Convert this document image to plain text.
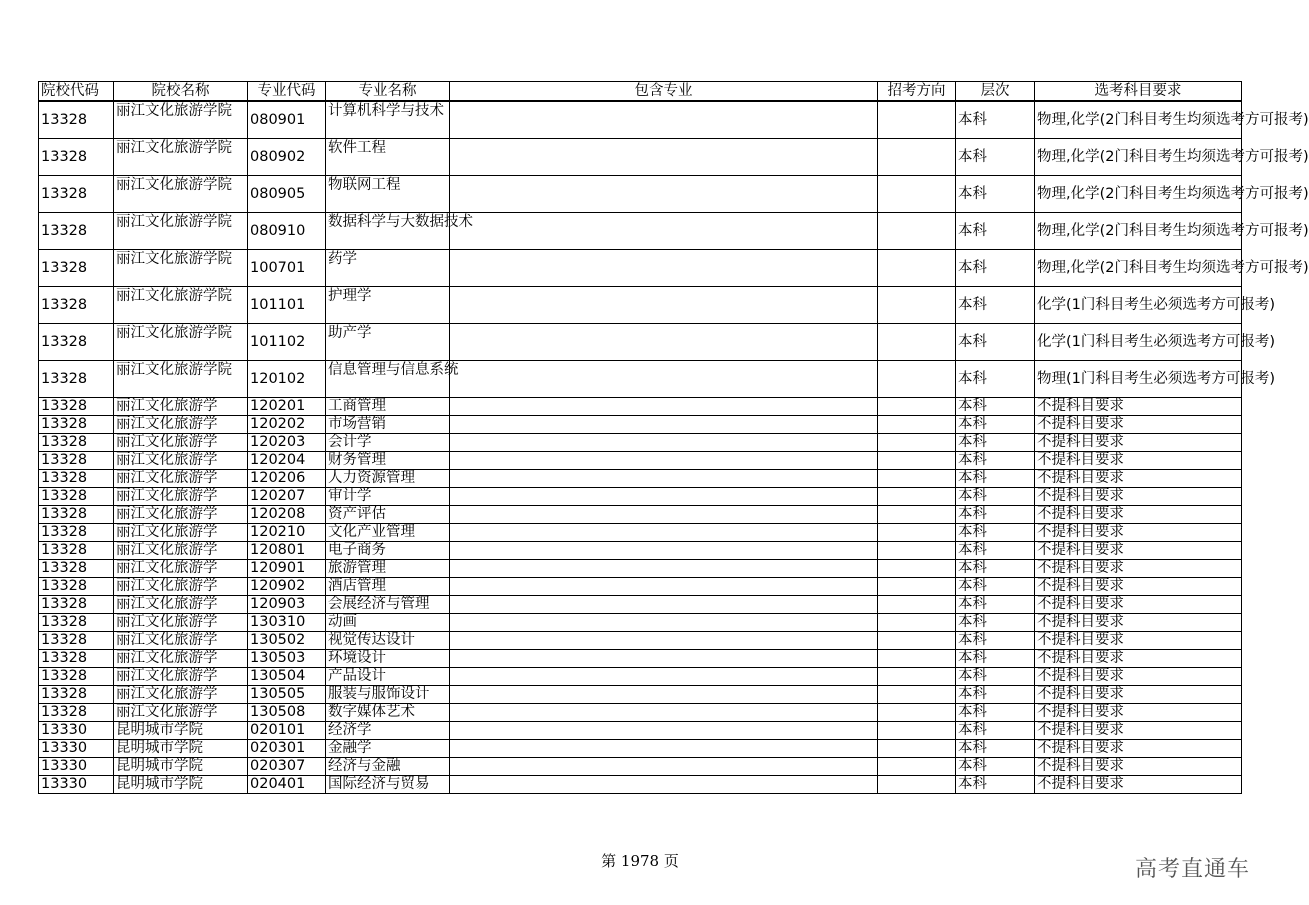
院校代码	院校名称	专业代码	专业名称	包含专业	招考方向	层次	选考科目要求
13328	丽江文化旅游学院	080901	计算机科学与技术			本科	物理,化学(2门科目考生均须选考方可报考)
13328	丽江文化旅游学院	080902	软件工程			本科	物理,化学(2门科目考生均须选考方可报考)
13328	丽江文化旅游学院	080905	物联网工程			本科	物理,化学(2门科目考生均须选考方可报考)
13328	丽江文化旅游学院	080910	数据科学与大数据技术			本科	物理,化学(2门科目考生均须选考方可报考)
13328	丽江文化旅游学院	100701	药学			本科	物理,化学(2门科目考生均须选考方可报考)
13328	丽江文化旅游学院	101101	护理学			本科	化学(1门科目考生必须选考方可报考)
13328	丽江文化旅游学院	101102	助产学			本科	化学(1门科目考生必须选考方可报考)
13328	丽江文化旅游学院	120102	信息管理与信息系统			本科	物理(1门科目考生必须选考方可报考)
13328	丽江文化旅游学	120201	工商管理			本科	不提科目要求
13328	丽江文化旅游学	120202	市场营销			本科	不提科目要求
13328	丽江文化旅游学	120203	会计学			本科	不提科目要求
13328	丽江文化旅游学	120204	财务管理			本科	不提科目要求
13328	丽江文化旅游学	120206	人力资源管理			本科	不提科目要求
13328	丽江文化旅游学	120207	审计学			本科	不提科目要求
13328	丽江文化旅游学	120208	资产评估			本科	不提科目要求
13328	丽江文化旅游学	120210	文化产业管理			本科	不提科目要求
13328	丽江文化旅游学	120801	电子商务			本科	不提科目要求
13328	丽江文化旅游学	120901	旅游管理			本科	不提科目要求
13328	丽江文化旅游学	120902	酒店管理			本科	不提科目要求
13328	丽江文化旅游学	120903	会展经济与管理			本科	不提科目要求
13328	丽江文化旅游学	130310	动画			本科	不提科目要求
13328	丽江文化旅游学	130502	视觉传达设计			本科	不提科目要求
13328	丽江文化旅游学	130503	环境设计			本科	不提科目要求
13328	丽江文化旅游学	130504	产品设计			本科	不提科目要求
13328	丽江文化旅游学	130505	服装与服饰设计			本科	不提科目要求
13328	丽江文化旅游学	130508	数字媒体艺术			本科	不提科目要求
13330	昆明城市学院	020101	经济学			本科	不提科目要求
13330	昆明城市学院	020301	金融学			本科	不提科目要求
13330	昆明城市学院	020307	经济与金融			本科	不提科目要求
13330	昆明城市学院	020401	国际经济与贸易			本科	不提科目要求
第 1978 页	高考直通车
